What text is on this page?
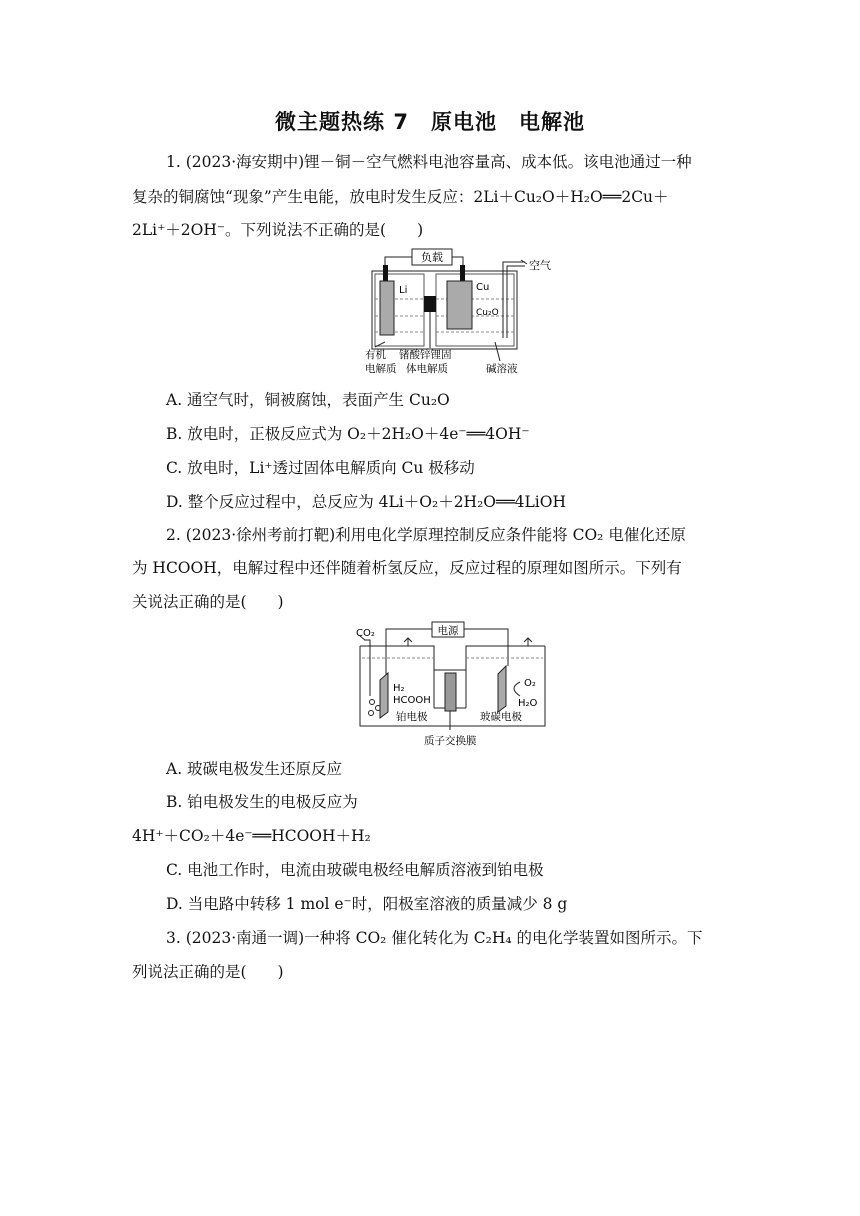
微主题热练 7　原电池　电解池
1. (2023·海安期中)锂－铜－空气燃料电池容量高、成本低。该电池通过一种
复杂的铜腐蚀“现象”产生电能，放电时发生反应：2Li＋Cu₂O＋H₂O══2Cu＋
2Li⁺＋2OH⁻。下列说法不正确的是(　　)
负载
Li	Cu
Cu₂O
空气
有机
电解质
锗酸锌锂固
体电解质	碱溶液
A. 通空气时，铜被腐蚀，表面产生 Cu₂O
B. 放电时，正极反应式为 O₂＋2H₂O＋4e⁻══4OH⁻
C. 放电时，Li⁺透过固体电解质向 Cu 极移动
D. 整个反应过程中，总反应为 4Li＋O₂＋2H₂O══4LiOH
2. (2023·徐州考前打靶)利用电化学原理控制反应条件能将 CO₂ 电催化还原
为 HCOOH，电解过程中还伴随着析氢反应，反应过程的原理如图所示。下列有
关说法正确的是(　　)
电源
CO₂
H₂
HCOOH
铂电极
O₂
H₂O
玻碳电极
质子交换膜
A. 玻碳电极发生还原反应
B. 铂电极发生的电极反应为
4H⁺＋CO₂＋4e⁻══HCOOH＋H₂
C. 电池工作时，电流由玻碳电极经电解质溶液到铂电极
D. 当电路中转移 1 mol e⁻时，阳极室溶液的质量减少 8 g
3. (2023·南通一调)一种将 CO₂ 催化转化为 C₂H₄ 的电化学装置如图所示。下
列说法正确的是(　　)
